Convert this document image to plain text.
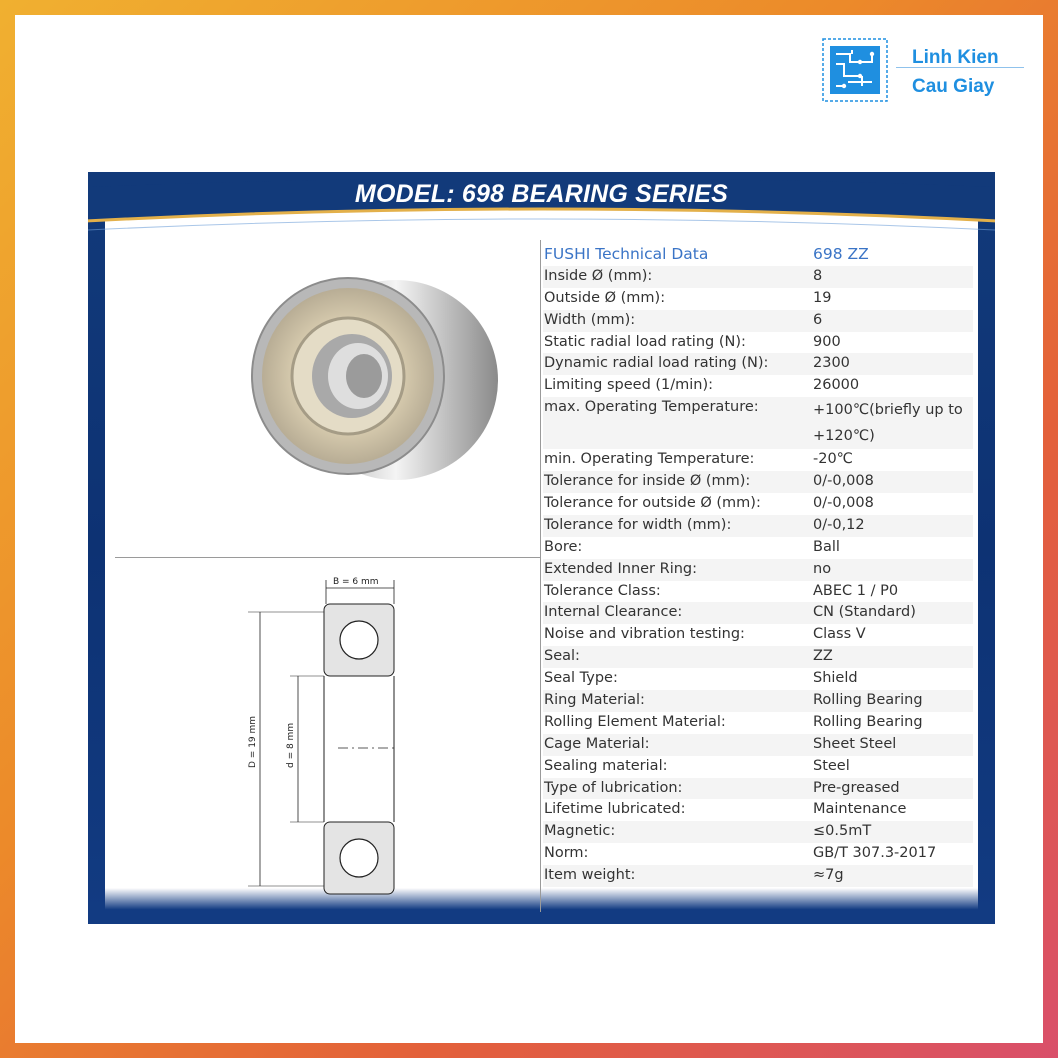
Linh Kien
Cau Giay
MODEL: 698 BEARING SERIES
B = 6 mm
D = 19 mm	d = 8 mm
FUSHI Technical Data	698 ZZ
Inside Ø (mm):	8
Outside Ø (mm):	19
Width (mm):	6
Static radial load rating (N):	900
Dynamic radial load rating (N):	2300
Limiting speed (1/min):	26000
max. Operating Temperature:	+100℃(briefly up to +120℃)
min. Operating Temperature:	-20℃
Tolerance for inside Ø (mm):	0/-0,008
Tolerance for outside Ø (mm):	0/-0,008
Tolerance for width (mm):	0/-0,12
Bore:	Ball
Extended Inner Ring:	no
Tolerance Class:	ABEC 1 / P0
Internal Clearance:	CN (Standard)
Noise and vibration testing:	Class V
Seal:	ZZ
Seal Type:	Shield
Ring Material:	Rolling Bearing
Rolling Element Material:	Rolling Bearing
Cage Material:	Sheet Steel
Sealing material:	Steel
Type of lubrication:	Pre-greased
Lifetime lubricated:	Maintenance
Magnetic:	≤0.5mT
Norm:	GB/T 307.3-2017
Item weight:	≈7g
